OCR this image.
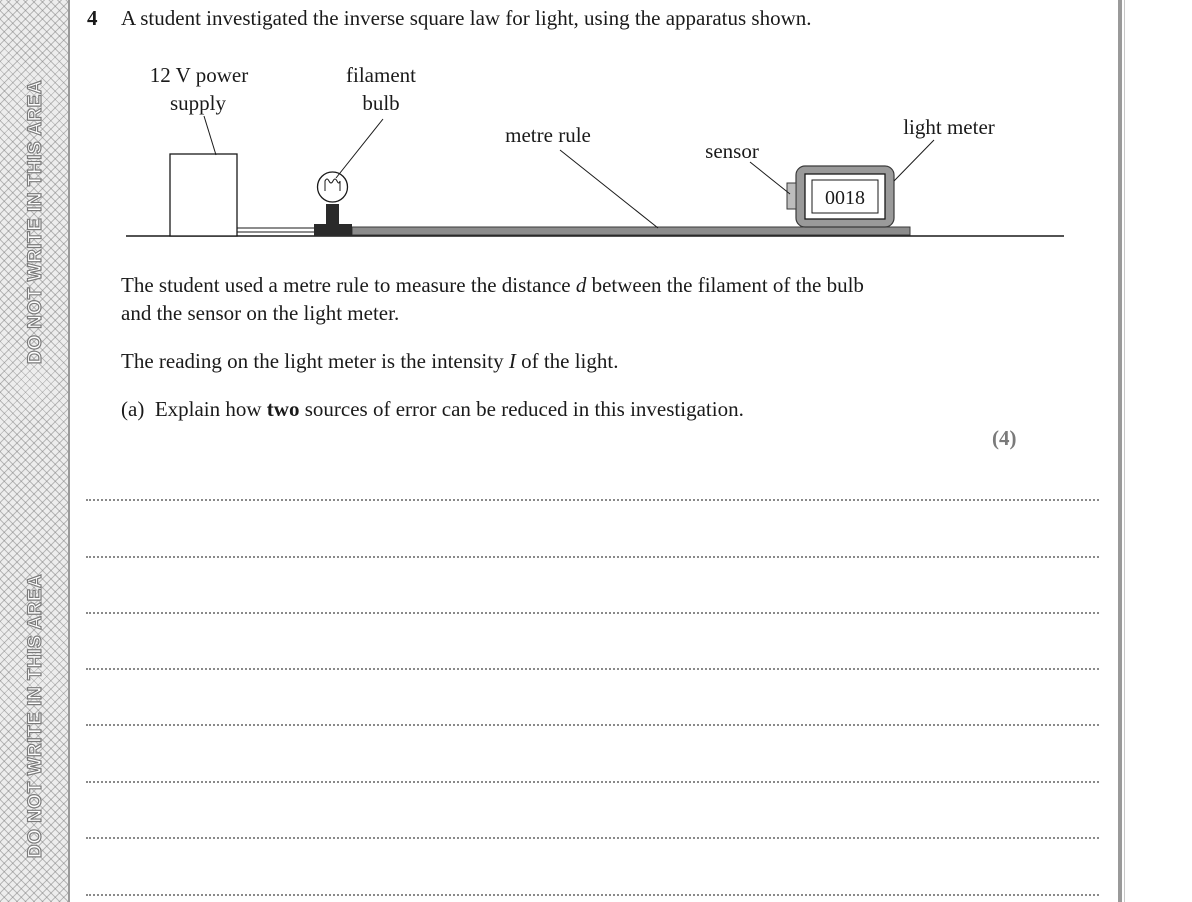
DO NOT WRITE IN THIS AREA
DO NOT WRITE IN THIS AREA
4 A student investigated the inverse square law for light, using the apparatus shown.
0018
12 V power
supply
filament
bulb
metre rule
sensor
light meter
The student used a metre rule to measure the distance d between the filament of the bulb
and the sensor on the light meter.
The reading on the light meter is the intensity I of the light.
(a) Explain how two sources of error can be reduced in this investigation.
(4)
